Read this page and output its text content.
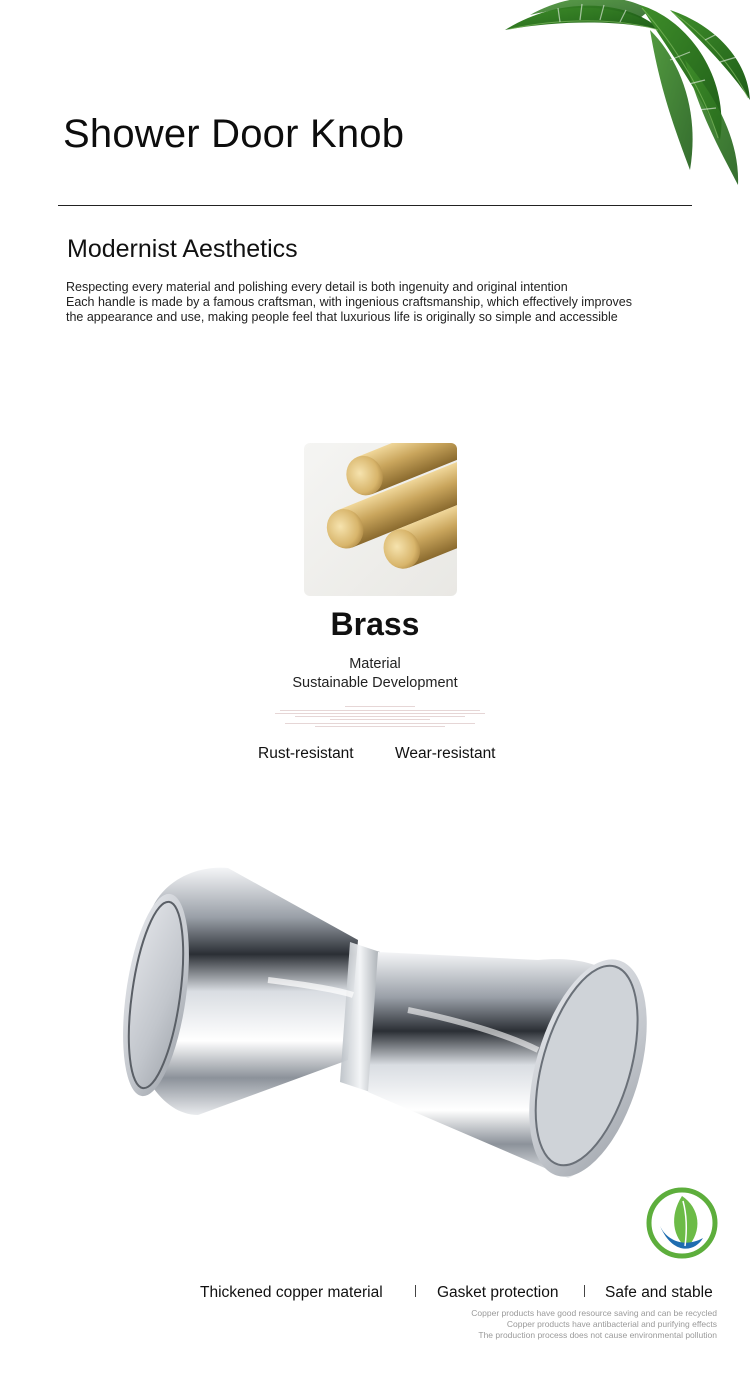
Shower Door Knob
Modernist Aesthetics
Respecting every material and polishing every detail is both ingenuity and original intention
Each handle is made by a famous craftsman, with ingenious craftsmanship, which effectively improves
the appearance and use, making people feel that luxurious life is originally so simple and accessible
Brass
Material
Sustainable Development
Rust-resistant	Wear-resistant
Thickened copper material	Gasket protection	Safe and stable
Copper products have good resource saving and can be recycled
Copper products have antibacterial and purifying effects
The production process does not cause environmental pollution
